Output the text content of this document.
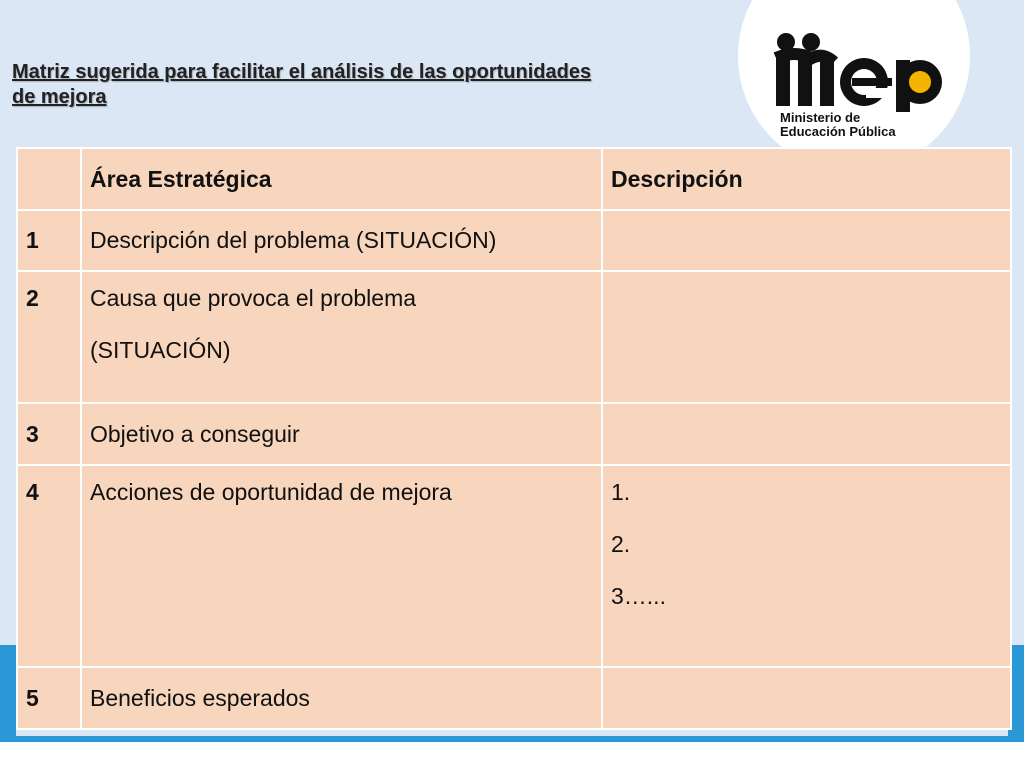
Ministerio de
Educación Pública
Matriz sugerida para facilitar el análisis de las oportunidades
de mejora
	Área Estratégica	Descripción
1	Descripción del problema (SITUACIÓN)	
2	Causa que provoca el problema
(SITUACIÓN)	

3	Objetivo a conseguir	
4	Acciones de oportunidad de mejora	1.
2.
3…...

5	Beneficios esperados	
